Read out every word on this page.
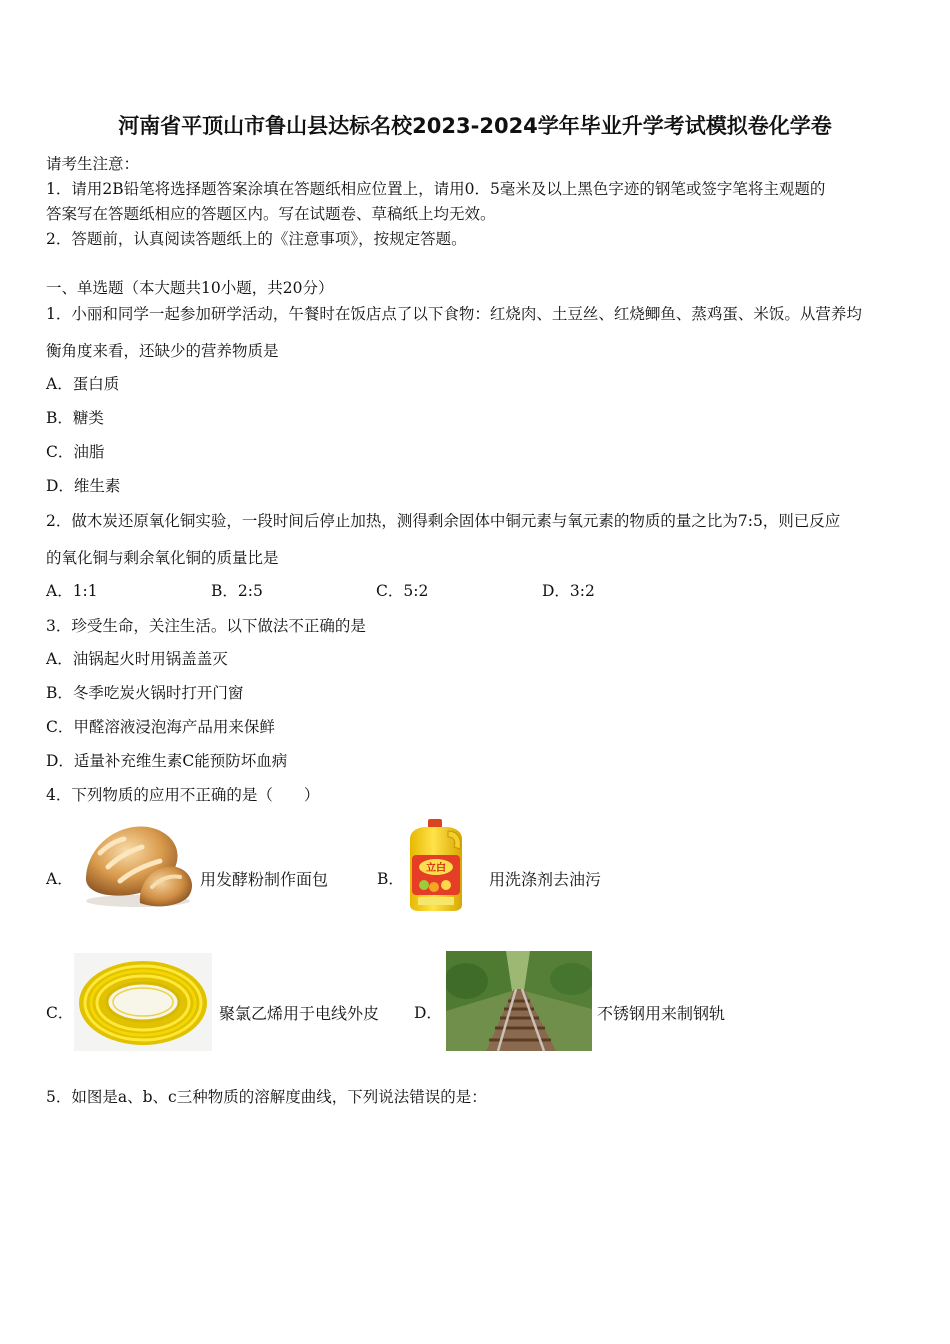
河南省平顶山市鲁山县达标名校2023-2024学年毕业升学考试模拟卷化学卷
请考生注意：
1．请用2B铅笔将选择题答案涂填在答题纸相应位置上，请用0．5毫米及以上黑色字迹的钢笔或签字笔将主观题的
答案写在答题纸相应的答题区内。写在试题卷、草稿纸上均无效。
2．答题前，认真阅读答题纸上的《注意事项》，按规定答题。
一、单选题（本大题共10小题，共20分）
1．小丽和同学一起参加研学活动，午餐时在饭店点了以下食物：红烧肉、土豆丝、红烧鲫鱼、蒸鸡蛋、米饭。从营养均
衡角度来看，还缺少的营养物质是
A．蛋白质
B．糖类
C．油脂
D．维生素
2．做木炭还原氧化铜实验，一段时间后停止加热，测得剩余固体中铜元素与氧元素的物质的量之比为7:5，则已反应
的氧化铜与剩余氧化铜的质量比是
A．1:1	B．2:5	C．5:2	D．3:2
3．珍受生命，关注生活。以下做法不正确的是
A．油锅起火时用锅盖盖灭
B．冬季吃炭火锅时打开门窗
C．甲醛溶液浸泡海产品用来保鲜
D．适量补充维生素C能预防坏血病
4．下列物质的应用不正确的是（　　）
A．	用发酵粉制作面包	B．
立白
用洗涤剂去油污
C．	聚氯乙烯用于电线外皮 D．	不锈钢用来制钢轨
5．如图是a、b、c三种物质的溶解度曲线，下列说法错误的是：
